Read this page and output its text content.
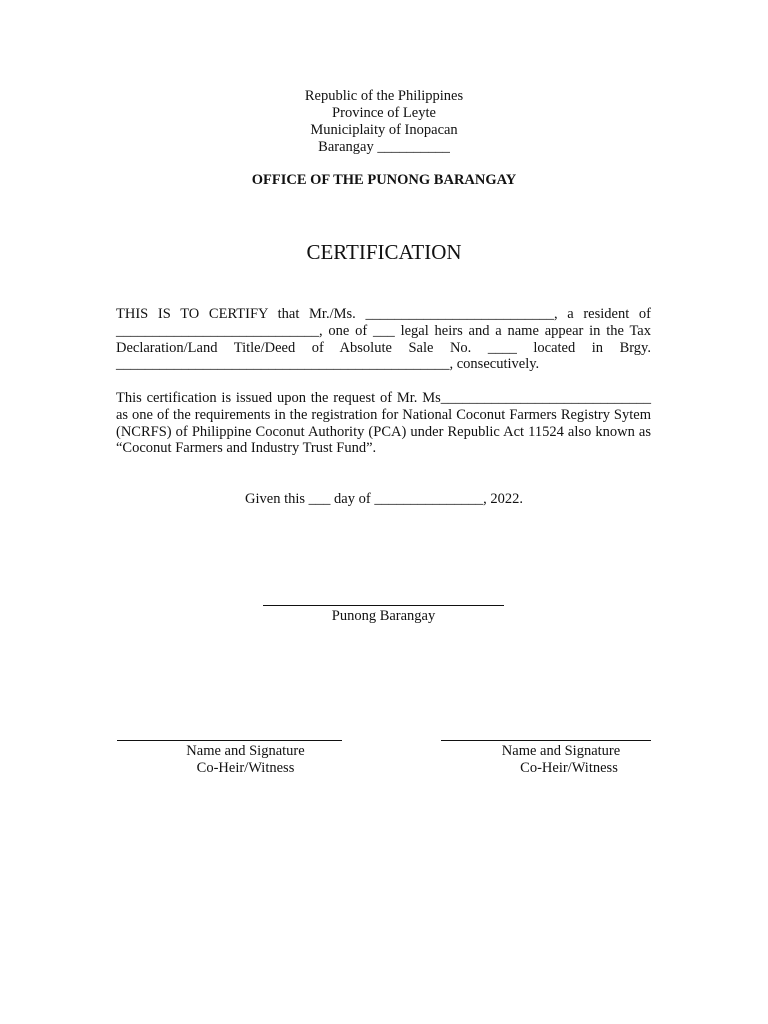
Republic of the Philippines
Province of Leyte
Municiplaity of Inopacan
Barangay __________
OFFICE OF THE PUNONG BARANGAY
CERTIFICATION

THIS IS TO CERTIFY that Mr./Ms. __________________________, a resident of ____________________________, one of ___ legal heirs and a name appear in the Tax Declaration/Land Title/Deed of Absolute Sale No. ____ located in Brgy. ______________________________________________, consecutively.

This certification is issued upon the request of Mr. Ms_____________________________ as one of the requirements in the registration for National Coconut Farmers Registry Sytem (NCRFS) of Philippine Coconut Authority (PCA) under Republic Act 11524 also known as “Coconut Farmers and Industry Trust Fund”.

Given this ___ day of _______________, 2022.
Punong Barangay
Name and Signature
Co-Heir/Witness
Name and Signature
Co-Heir/Witness
